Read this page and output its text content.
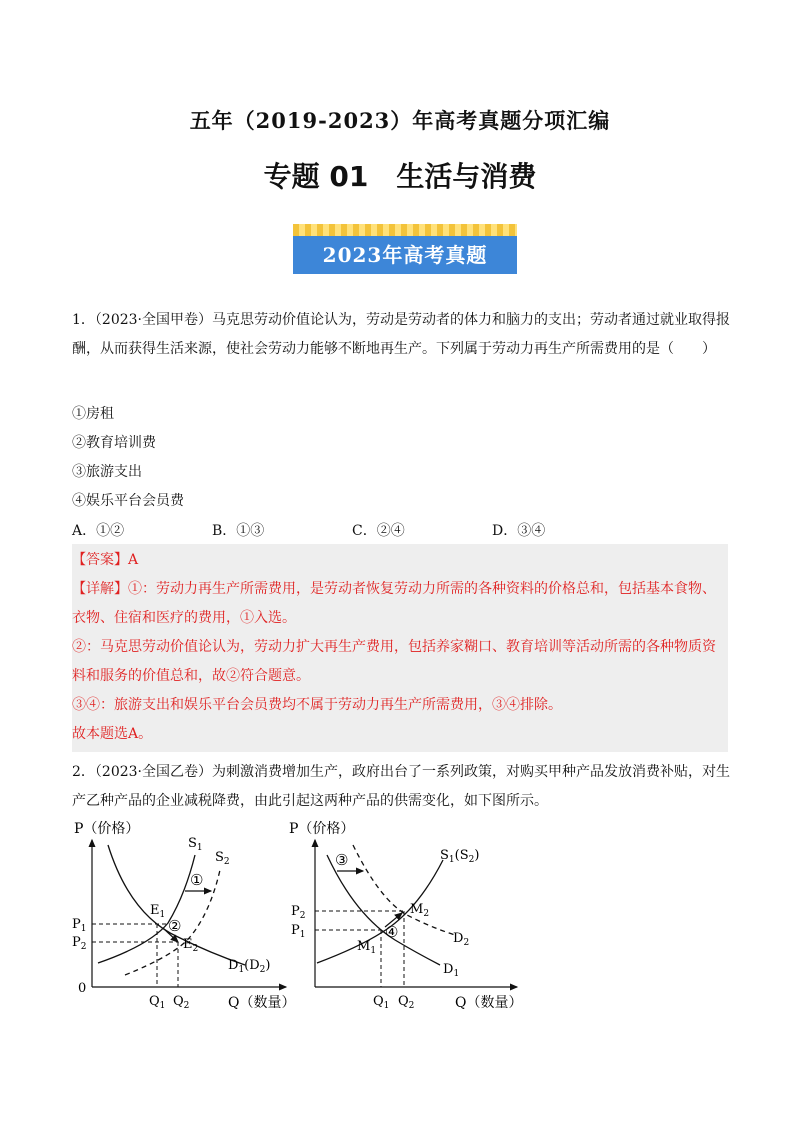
五年（2019-2023）年高考真题分项汇编
专题 01　生活与消费
2023年高考真题

1．（2023·全国甲卷）马克思劳动价值论认为，劳动是劳动者的体力和脑力的支出；劳动者通过就业取得报酬，从而获得生活来源，使社会劳动力能够不断地再生产。下列属于劳动力再生产所需费用的是（　　）

①房租
②教育培训费
③旅游支出
④娱乐平台会员费
A．①②	B．①③	C．②④	D．③④

【答案】A

【详解】①：劳动力再生产所需费用，是劳动者恢复劳动力所需的各种资料的价格总和，包括基本食物、衣物、住宿和医疗的费用，①入选。

②：马克思劳动价值论认为，劳动力扩大再生产费用，包括养家糊口、教育培训等活动所需的各种物质资料和服务的价值总和，故②符合题意。

③④：旅游支出和娱乐平台会员费均不属于劳动力再生产所需费用，③④排除。

故本题选A。

2．（2023·全国乙卷）为刺激消费增加生产，政府出台了一系列政策，对购买甲种产品发放消费补贴，对生产乙种产品的企业减税降费，由此引起这两种产品的供需变化，如下图所示。

P（价格）
Q（数量）
0
①
②
$S_1$
$S_2$
$E_1$
$E_2$
$D_1(D_2)$
$P_1$
$P_2$
$Q_1$ $Q_2$
P（价格）
Q（数量）
③
④
$S_1(S_2)$
$M_2$
$M_1$
$D_2$
$D_1$
$P_2$
$P_1$
$Q_1$ $Q_2$
